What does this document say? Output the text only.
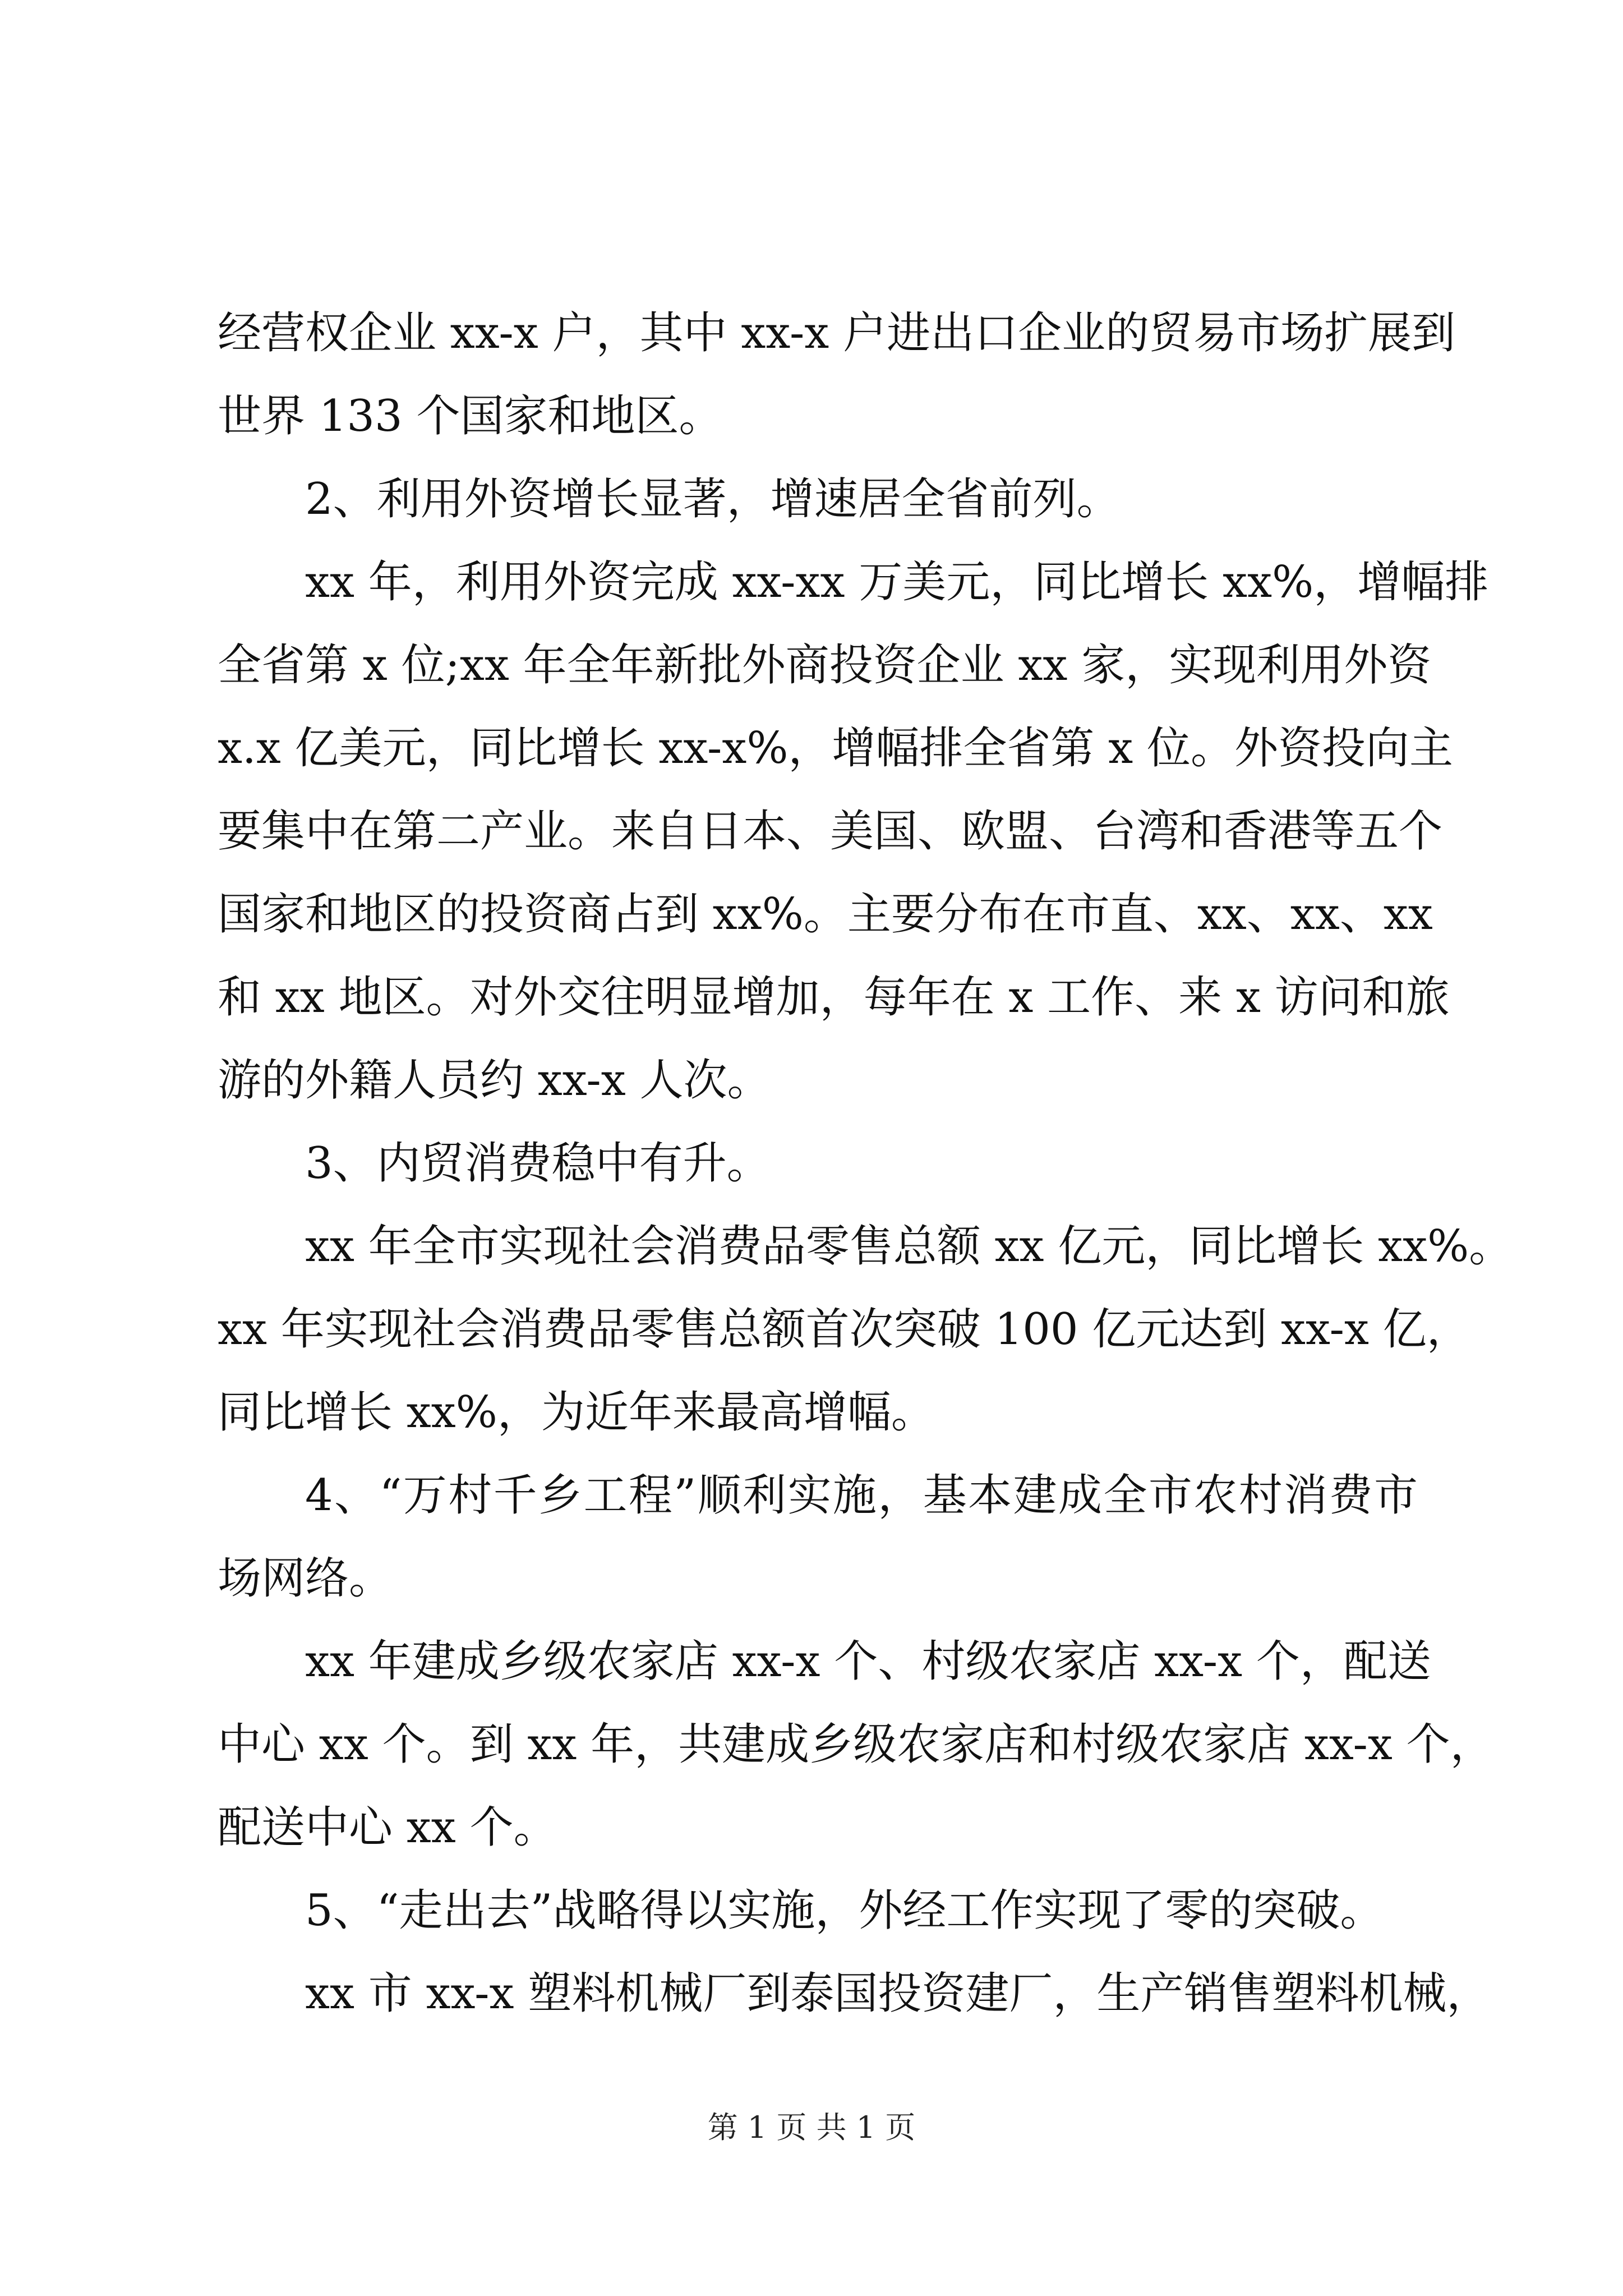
经营权企业 xx-x 户，其中 xx-x 户进出口企业的贸易市场扩展到
世界 133 个国家和地区。
2、利用外资增长显著，增速居全省前列。
xx 年，利用外资完成 xx-xx 万美元，同比增长 xx%，增幅排
全省第 x 位;xx 年全年新批外商投资企业 xx 家，实现利用外资
x.x 亿美元，同比增长 xx-x%，增幅排全省第 x 位。外资投向主
要集中在第二产业。来自日本、美国、欧盟、台湾和香港等五个
国家和地区的投资商占到 xx%。主要分布在市直、xx、xx、xx
和 xx 地区。对外交往明显增加，每年在 x 工作、来 x 访问和旅
游的外籍人员约 xx-x 人次。
3、内贸消费稳中有升。
xx 年全市实现社会消费品零售总额 xx 亿元，同比增长 xx%。
xx 年实现社会消费品零售总额首次突破 100 亿元达到 xx-x 亿，
同比增长 xx%，为近年来最高增幅。
4、“万村千乡工程”顺利实施，基本建成全市农村消费市
场网络。
xx 年建成乡级农家店 xx-x 个、村级农家店 xx-x 个，配送
中心 xx 个。到 xx 年，共建成乡级农家店和村级农家店 xx-x 个，
配送中心 xx 个。
5、“走出去”战略得以实施，外经工作实现了零的突破。
xx 市 xx-x 塑料机械厂到泰国投资建厂，生产销售塑料机械，
第 1 页 共 1 页
